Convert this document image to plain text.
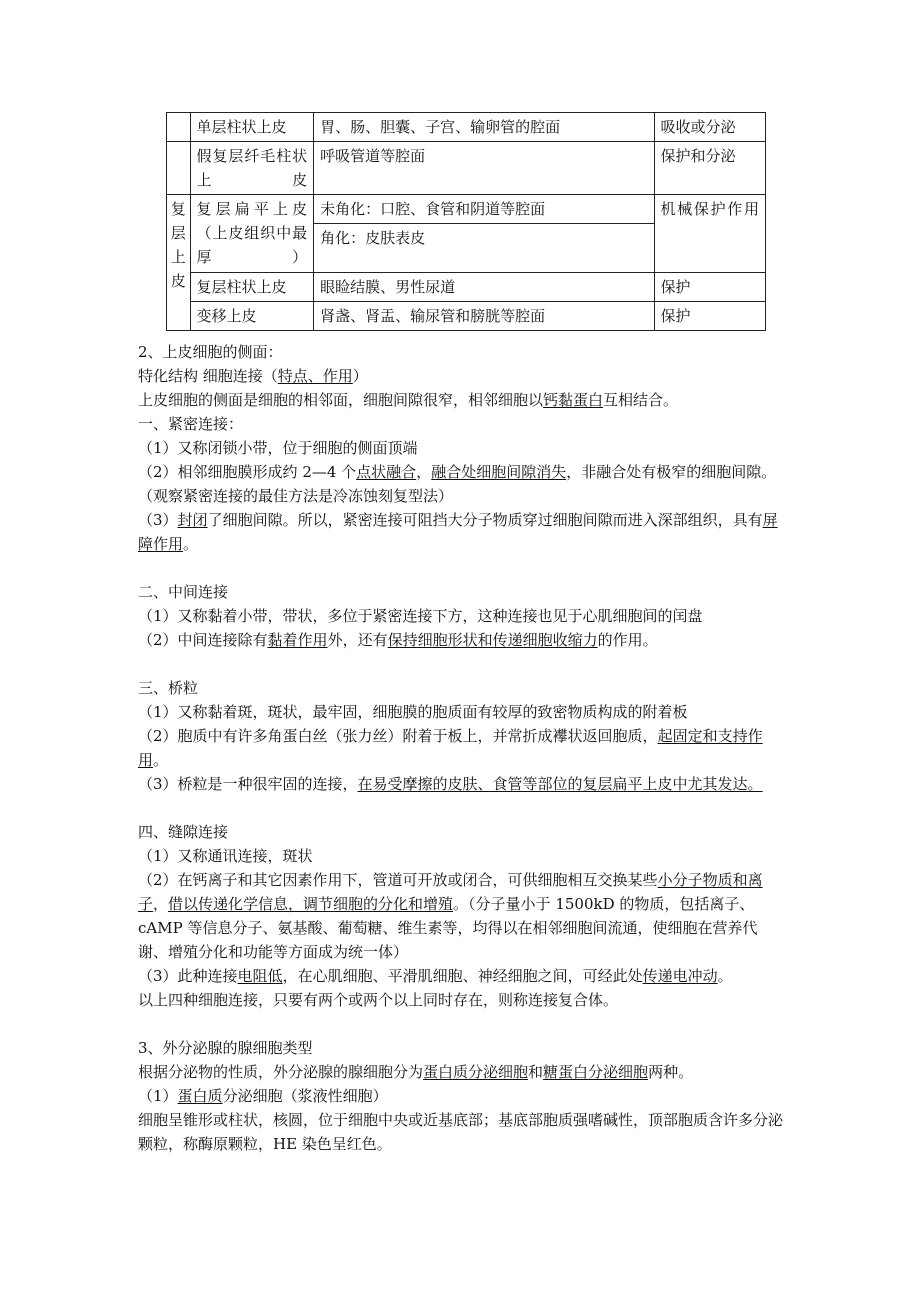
	单层柱状上皮	胃、肠、胆囊、子宫、输卵管的腔面	吸收或分泌
	假复层纤毛柱状上皮	呼吸管道等腔面	保护和分泌

复层上皮	复层扁平上皮（上皮组织中最厚）	未角化：口腔、食管和阴道等腔面	机械保护作用
		角化：皮肤表皮	
	复层柱状上皮	眼睑结膜、男性尿道	保护
	变移上皮	肾盏、肾盂、输尿管和膀胱等腔面	保护

2、上皮细胞的侧面：

特化结构 细胞连接（特点、作用）

上皮细胞的侧面是细胞的相邻面，细胞间隙很窄，相邻细胞以钙黏蛋白互相结合。

一、紧密连接：

（1）又称闭锁小带，位于细胞的侧面顶端

（2）相邻细胞膜形成约 2—4 个点状融合，融合处细胞间隙消失，非融合处有极窄的细胞间隙。（观察紧密连接的最佳方法是冷冻蚀刻复型法）

（3）封闭了细胞间隙。所以，紧密连接可阻挡大分子物质穿过细胞间隙而进入深部组织，具有屏障作用。

二、中间连接

（1）又称黏着小带，带状，多位于紧密连接下方，这种连接也见于心肌细胞间的闰盘

（2）中间连接除有黏着作用外，还有保持细胞形状和传递细胞收缩力的作用。

三、桥粒

（1）又称黏着斑，斑状，最牢固，细胞膜的胞质面有较厚的致密物质构成的附着板

（2）胞质中有许多角蛋白丝（张力丝）附着于板上，并常折成襻状返回胞质，起固定和支持作用。

（3）桥粒是一种很牢固的连接，在易受摩擦的皮肤、食管等部位的复层扁平上皮中尤其发达。

四、缝隙连接

（1）又称通讯连接，斑状

（2）在钙离子和其它因素作用下，管道可开放或闭合，可供细胞相互交换某些小分子物质和离子，借以传递化学信息，调节细胞的分化和增殖。（分子量小于 1500kD 的物质，包括离子、cAMP 等信息分子、氨基酸、葡萄糖、维生素等，均得以在相邻细胞间流通，使细胞在营养代谢、增殖分化和功能等方面成为统一体）

（3）此种连接电阻低，在心肌细胞、平滑肌细胞、神经细胞之间，可经此处传递电冲动。

以上四种细胞连接，只要有两个或两个以上同时存在，则称连接复合体。

3、外分泌腺的腺细胞类型

根据分泌物的性质，外分泌腺的腺细胞分为蛋白质分泌细胞和糖蛋白分泌细胞两种。

（1）蛋白质分泌细胞（浆液性细胞）

细胞呈锥形或柱状，核圆，位于细胞中央或近基底部；基底部胞质强嗜碱性，顶部胞质含许多分泌颗粒，称酶原颗粒，HE 染色呈红色。
